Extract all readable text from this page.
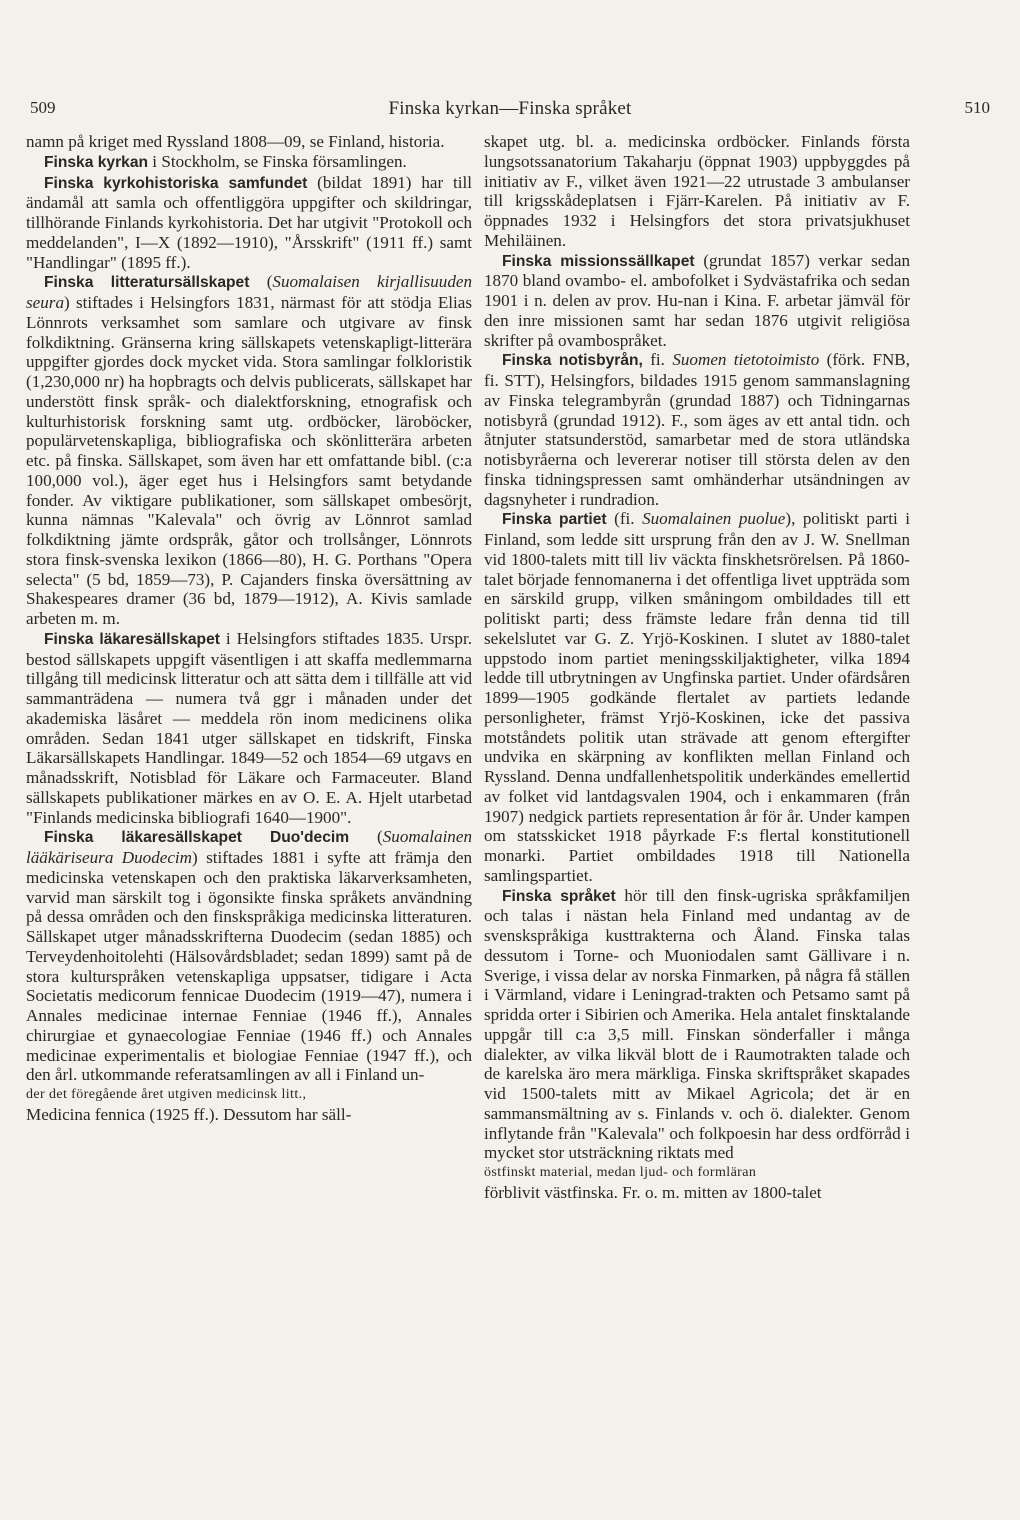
509	Finska kyrkan—Finska språket	510

namn på kriget med Ryssland 1808—09, se Finland, historia.

Finska kyrkan i Stockholm, se Finska församlingen.

Finska kyrkohistoriska samfundet (bildat 1891) har till ändamål att samla och offentliggöra uppgifter och skildringar, tillhörande Finlands kyrkohistoria. Det har utgivit "Protokoll och meddelanden", I—X (1892—1910), "Årsskrift" (1911 ff.) samt "Handlingar" (1895 ff.).

Finska litteratursällskapet (Suomalaisen kirjallisuuden seura) stiftades i Helsingfors 1831, närmast för att stödja Elias Lönnrots verksamhet som samlare och utgivare av finsk folkdiktning. Gränserna kring sällskapets vetenskapligt-litterära uppgifter gjordes dock mycket vida. Stora samlingar folkloristik (1,230,000 nr) ha hopbragts och delvis publicerats, sällskapet har understött finsk språk- och dialektforskning, etnografisk och kulturhistorisk forskning samt utg. ordböcker, läroböcker, populärvetenskapliga, bibliografiska och skönlitterära arbeten etc. på finska. Sällskapet, som även har ett omfattande bibl. (c:a 100,000 vol.), äger eget hus i Helsingfors samt betydande fonder. Av viktigare publikationer, som sällskapet ombesörjt, kunna nämnas "Kalevala" och övrig av Lönnrot samlad folkdiktning jämte ordspråk, gåtor och trollsånger, Lönnrots stora finsk-svenska lexikon (1866—80), H. G. Porthans "Opera selecta" (5 bd, 1859—73), P. Cajanders finska översättning av Shakespeares dramer (36 bd, 1879—1912), A. Kivis samlade arbeten m. m.

Finska läkaresällskapet i Helsingfors stiftades 1835. Urspr. bestod sällskapets uppgift väsentligen i att skaffa medlemmarna tillgång till medicinsk litteratur och att sätta dem i tillfälle att vid sammanträdena — numera två ggr i månaden under det akademiska läsåret — meddela rön inom medicinens olika områden. Sedan 1841 utger sällskapet en tidskrift, Finska Läkarsällskapets Handlingar. 1849—52 och 1854—69 utgavs en månadsskrift, Notisblad för Läkare och Farmaceuter. Bland sällskapets publikationer märkes en av O. E. A. Hjelt utarbetad "Finlands medicinska bibliografi 1640—1900".

Finska läkaresällskapet Duo'decim (Suomalainen lääkäriseura Duodecim) stiftades 1881 i syfte att främja den medicinska vetenskapen och den praktiska läkarverksamheten, varvid man särskilt tog i ögonsikte finska språkets användning på dessa områden och den finskspråkiga medicinska litteraturen. Sällskapet utger månadsskrifterna Duodecim (sedan 1885) och Terveydenhoitolehti (Hälsovårdsbladet; sedan 1899) samt på de stora kulturspråken vetenskapliga uppsatser, tidigare i Acta Societatis medicorum fennicae Duodecim (1919—47), numera i Annales medicinae internae Fenniae (1946 ff.), Annales chirurgiae et gynaecologiae Fenniae (1946 ff.) och Annales medicinae experimentalis et biologiae Fenniae (1947 ff.), och den årl. utkommande referatsamlingen av all i Finland un-

der det föregående året utgiven medicinsk litt.,

Medicina fennica (1925 ff.). Dessutom har säll-

skapet utg. bl. a. medicinska ordböcker. Finlands första lungsotssanatorium Takaharju (öppnat 1903) uppbyggdes på initiativ av F., vilket även 1921—22 utrustade 3 ambulanser till krigsskådeplatsen i Fjärr-Karelen. På initiativ av F. öppnades 1932 i Helsingfors det stora privatsjukhuset Mehiläinen.

Finska missionssällkapet (grundat 1857) verkar sedan 1870 bland ovambo- el. ambofolket i Sydvästafrika och sedan 1901 i n. delen av prov. Hu-nan i Kina. F. arbetar jämväl för den inre missionen samt har sedan 1876 utgivit religiösa skrifter på ovambospråket.

Finska notisbyrån, fi. Suomen tietotoimisto (förk. FNB, fi. STT), Helsingfors, bildades 1915 genom sammanslagning av Finska telegrambyrån (grundad 1887) och Tidningarnas notisbyrå (grundad 1912). F., som äges av ett antal tidn. och åtnjuter statsunderstöd, samarbetar med de stora utländska notisbyråerna och levererar notiser till största delen av den finska tidningspressen samt omhänderhar utsändningen av dagsnyheter i rundradion.

Finska partiet (fi. Suomalainen puolue), politiskt parti i Finland, som ledde sitt ursprung från den av J. W. Snellman vid 1800-talets mitt till liv väckta finskhetsrörelsen. På 1860-talet började fennomanerna i det offentliga livet uppträda som en särskild grupp, vilken småningom ombildades till ett politiskt parti; dess främste ledare från denna tid till sekelslutet var G. Z. Yrjö-Koskinen. I slutet av 1880-talet uppstodo inom partiet meningsskiljaktigheter, vilka 1894 ledde till utbrytningen av Ungfinska partiet. Under ofärdsåren 1899—1905 godkände flertalet av partiets ledande personligheter, främst Yrjö-Koskinen, icke det passiva motståndets politik utan strävade att genom eftergifter undvika en skärpning av konflikten mellan Finland och Ryssland. Denna undfallenhetspolitik underkändes emellertid av folket vid lantdagsvalen 1904, och i enkammaren (från 1907) nedgick partiets representation år för år. Under kampen om statsskicket 1918 påyrkade F:s flertal konstitutionell monarki. Partiet ombildades 1918 till Nationella samlingspartiet.

Finska språket hör till den finsk-ugriska språkfamiljen och talas i nästan hela Finland med undantag av de svenskspråkiga kusttrakterna och Åland. Finska talas dessutom i Torne- och Muoniodalen samt Gällivare i n. Sverige, i vissa delar av norska Finmarken, på några få ställen i Värmland, vidare i Leningrad-trakten och Petsamo samt på spridda orter i Sibirien och Amerika. Hela antalet finsktalande uppgår till c:a 3,5 mill. Finskan sönderfaller i många dialekter, av vilka likväl blott de i Raumotrakten talade och de karelska äro mera märkliga. Finska skriftspråket skapades vid 1500-talets mitt av Mikael Agricola; det är en sammansmältning av s. Finlands v. och ö. dialekter. Genom inflytande från "Kalevala" och folkpoesin har dess ordförråd i mycket stor utsträckning riktats med

östfinskt material, medan ljud- och formläran

förblivit västfinska. Fr. o. m. mitten av 1800-talet
